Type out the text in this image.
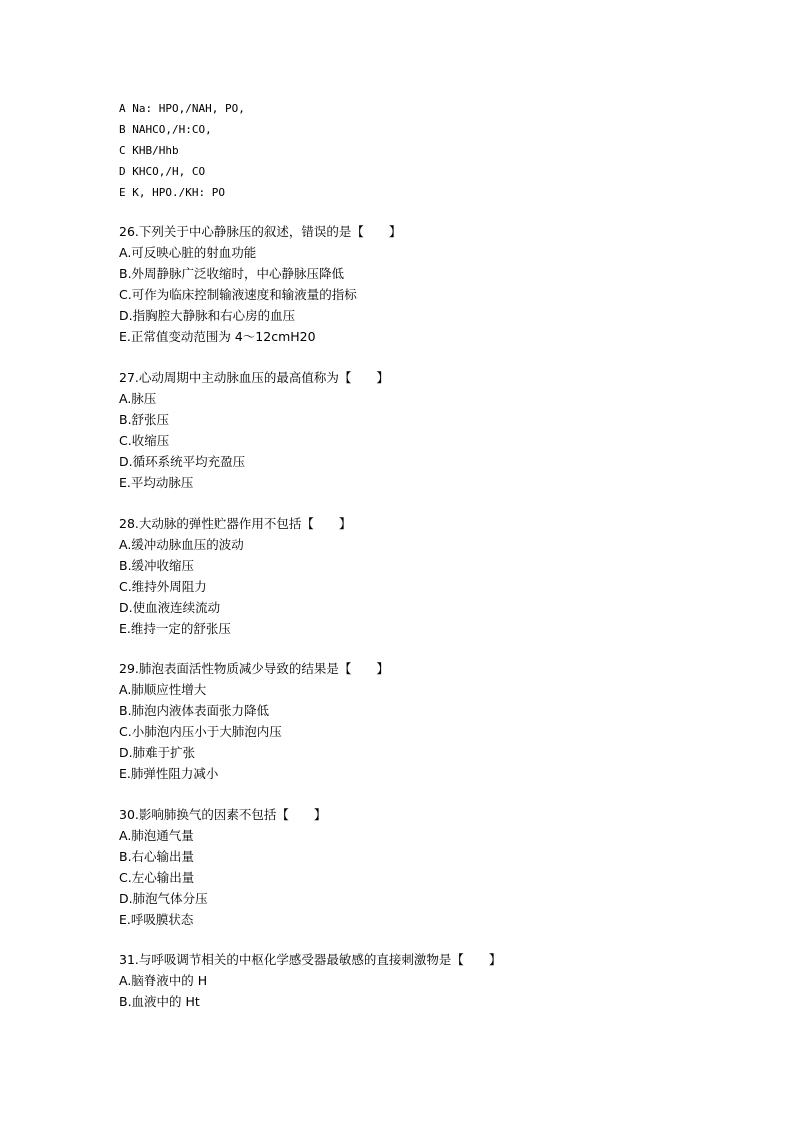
A Na: HPO,/NAH, PO,
B NAHCO,/H:CO,
C KHB/Hhb
D KHCO,/H, CO
E K, HPO./KH: PO
26.下列关于中心静脉压的叙述，错误的是【　　】
A.可反映心脏的射血功能
B.外周静脉广泛收缩时，中心静脉压降低
C.可作为临床控制输液速度和输液量的指标
D.指胸腔大静脉和右心房的血压
E.正常值变动范围为 4～12cmH20
27.心动周期中主动脉血压的最高值称为【　　】
A.脉压
B.舒张压
C.收缩压
D.循环系统平均充盈压
E.平均动脉压
28.大动脉的弹性贮器作用不包括【　　】
A.缓冲动脉血压的波动
B.缓冲收缩压
C.维持外周阻力
D.使血液连续流动
E.维持一定的舒张压
29.肺泡表面活性物质减少导致的结果是【　　】
A.肺顺应性增大
B.肺泡内液体表面张力降低
C.小肺泡内压小于大肺泡内压
D.肺难于扩张
E.肺弹性阻力减小
30.影响肺换气的因素不包括【　　】
A.肺泡通气量
B.右心输出量
C.左心输出量
D.肺泡气体分压
E.呼吸膜状态
31.与呼吸调节相关的中枢化学感受器最敏感的直接刺激物是【　　】
A.脑脊液中的 H
B.血液中的 Ht
